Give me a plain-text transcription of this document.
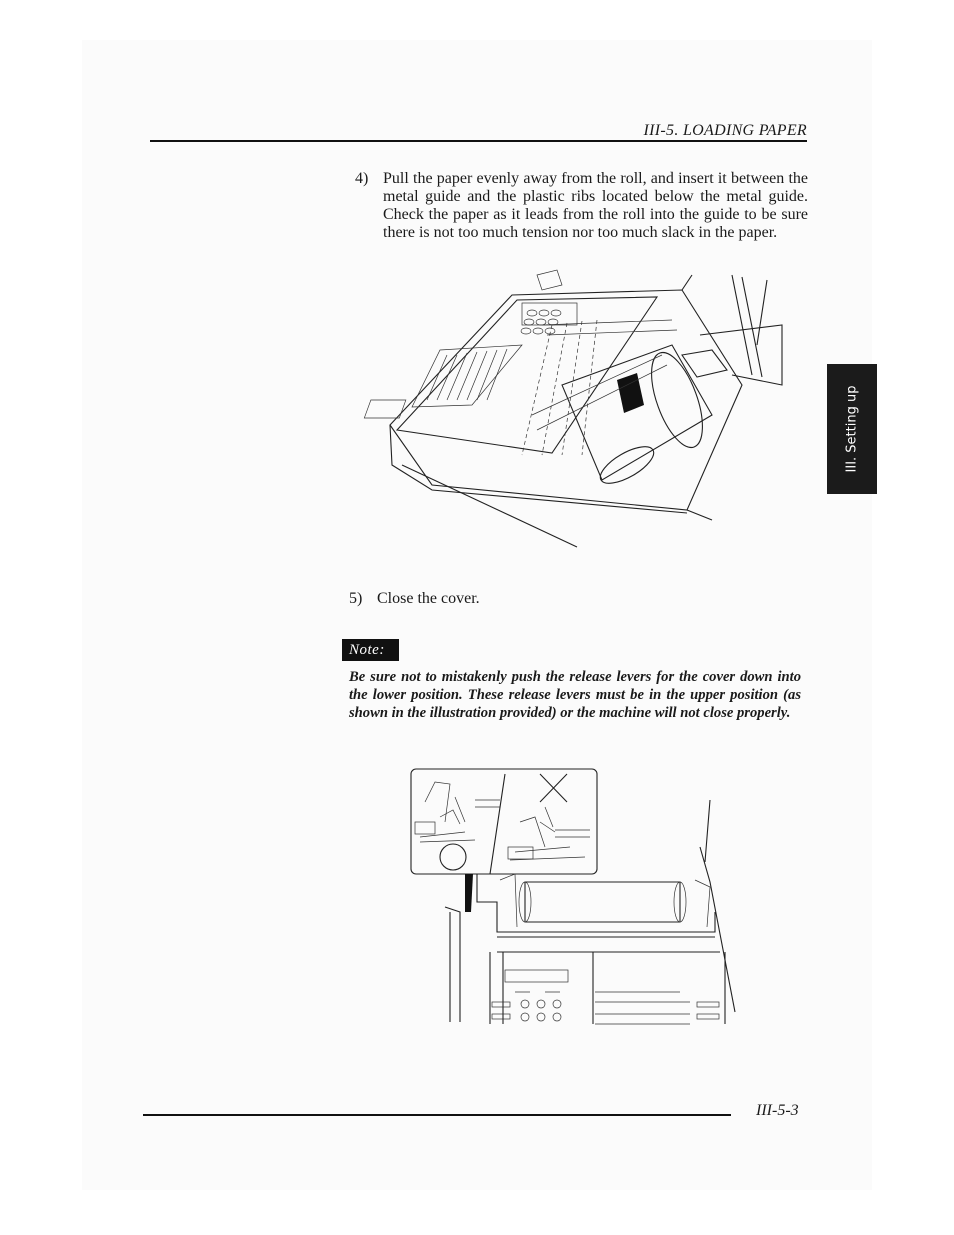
III-5. LOADING PAPER
4) Pull the paper evenly away from the roll, and insert it between the metal guide and the plastic ribs located below the metal guide. Check the paper as it leads from the roll into the guide to be sure there is not too much tension nor too much slack in the paper.
5) Close the cover.
Note:
Be sure not to mistakenly push the release levers for the cover down into the lower position. These release levers must be in the upper position (as shown in the illustration provided) or the machine will not close properly.
III. Setting up
III-5-3
